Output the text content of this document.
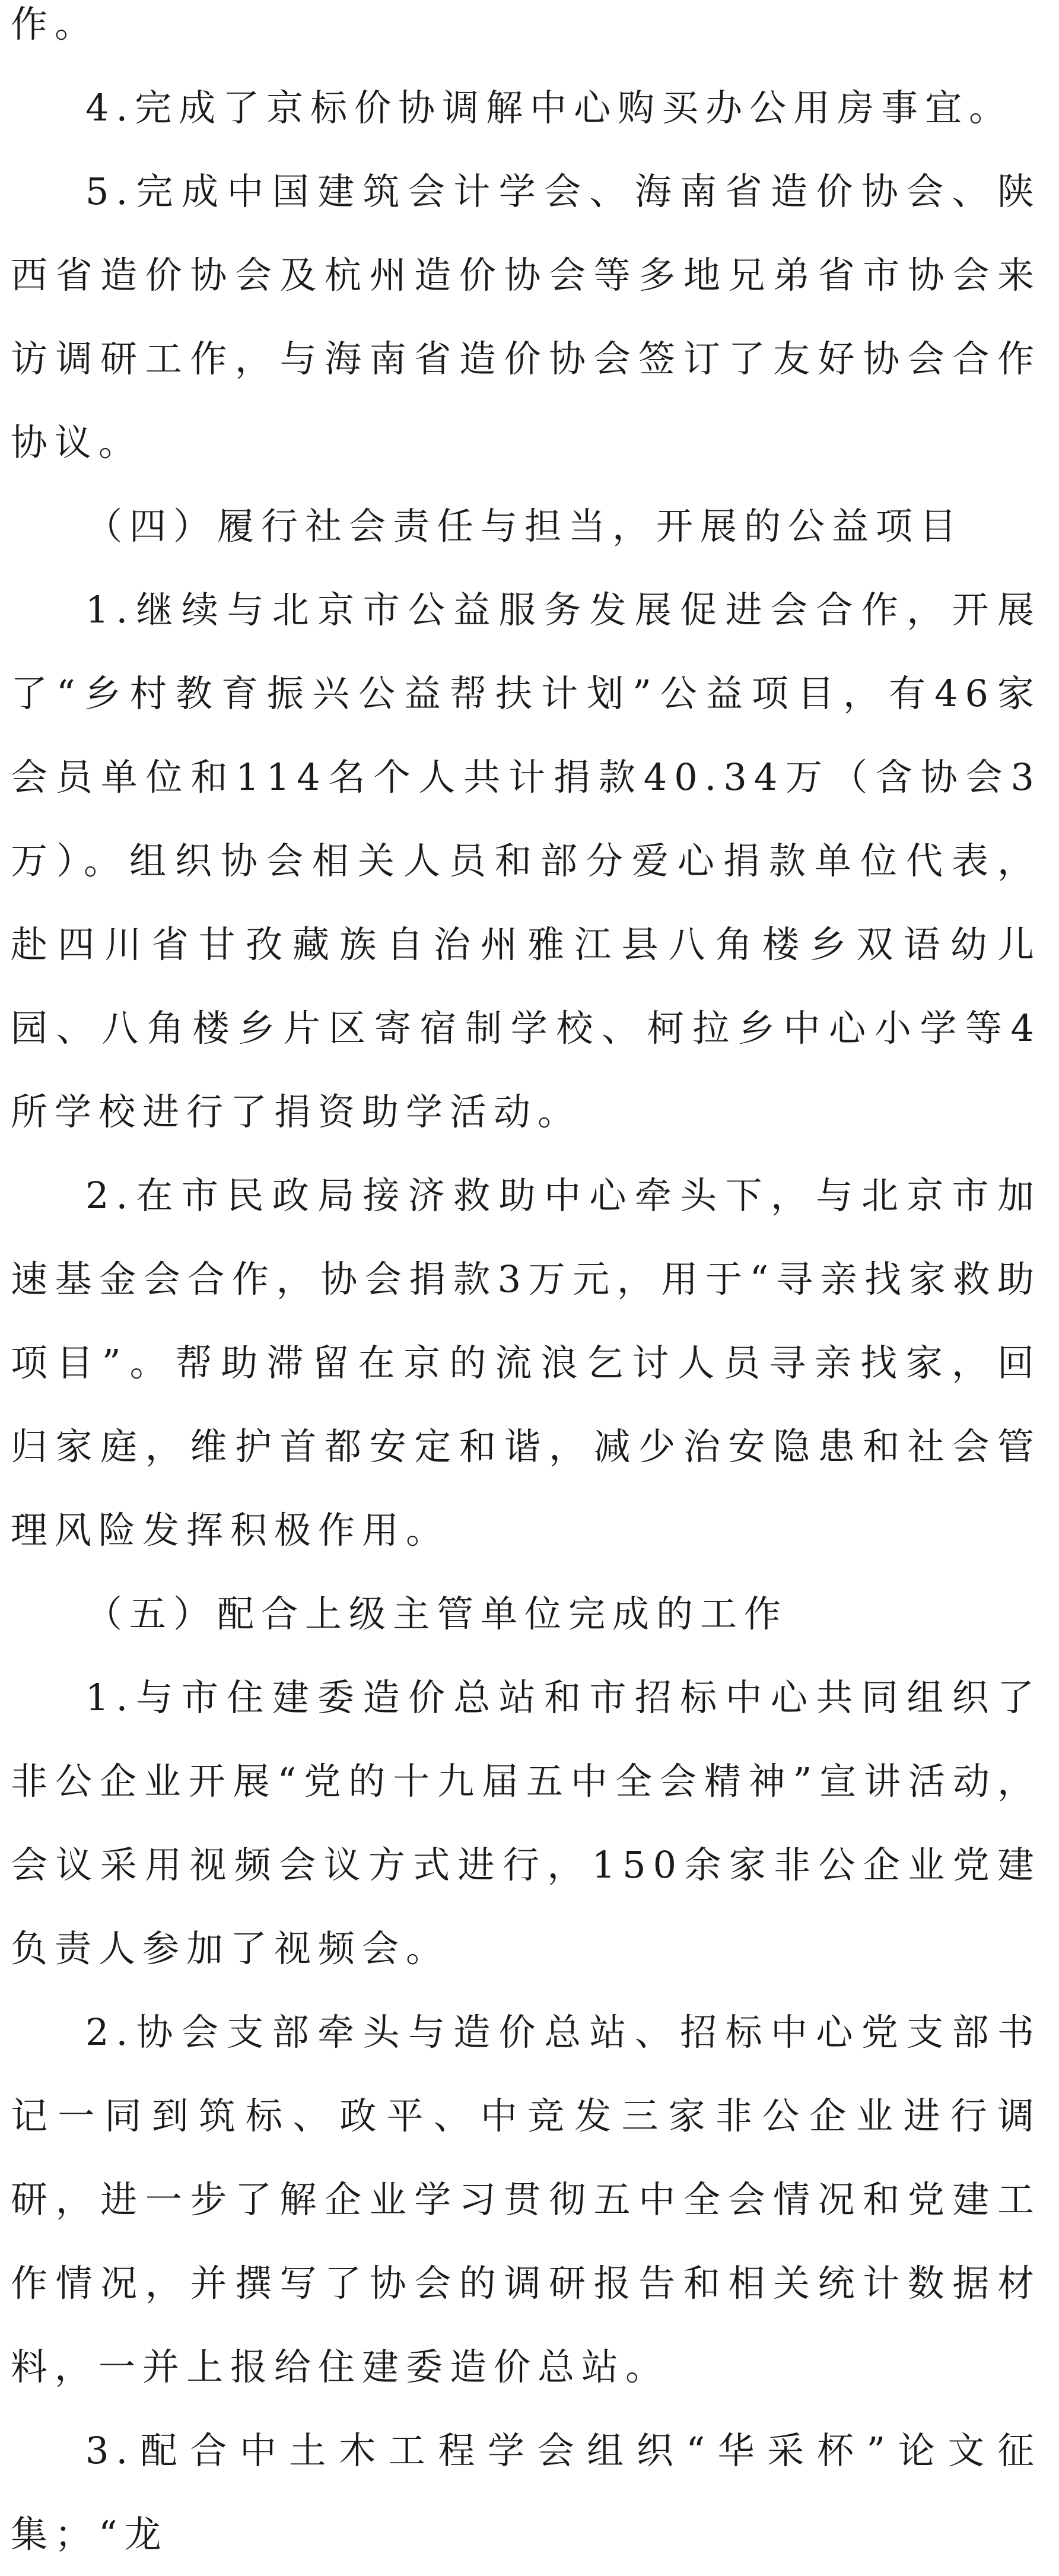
作。

4.完成了京标价协调解中心购买办公用房事宜。

5.完成中国建筑会计学会、海南省造价协会、陕西省造价协会及杭州造价协会等多地兄弟省市协会来访调研工作，与海南省造价协会签订了友好协会合作协议。

（四）履行社会责任与担当，开展的公益项目

1.继续与北京市公益服务发展促进会合作，开展了“乡村教育振兴公益帮扶计划”公益项目，有46家会员单位和114名个人共计捐款40.34万（含协会3万）。组织协会相关人员和部分爱心捐款单位代表，赴四川省甘孜藏族自治州雅江县八角楼乡双语幼儿园、八角楼乡片区寄宿制学校、柯拉乡中心小学等4所学校进行了捐资助学活动。

2.在市民政局接济救助中心牵头下，与北京市加速基金会合作，协会捐款3万元，用于“寻亲找家救助项目”。帮助滞留在京的流浪乞讨人员寻亲找家，回归家庭，维护首都安定和谐，减少治安隐患和社会管理风险发挥积极作用。

（五）配合上级主管单位完成的工作

1.与市住建委造价总站和市招标中心共同组织了非公企业开展“党的十九届五中全会精神”宣讲活动，会议采用视频会议方式进行，150余家非公企业党建负责人参加了视频会。

2.协会支部牵头与造价总站、招标中心党支部书记一同到筑标、政平、中竞发三家非公企业进行调研，进一步了解企业学习贯彻五中全会情况和党建工作情况，并撰写了协会的调研报告和相关统计数据材料，一并上报给住建委造价总站。

3.配合中土木工程学会组织“华采杯”论文征集；“龙
